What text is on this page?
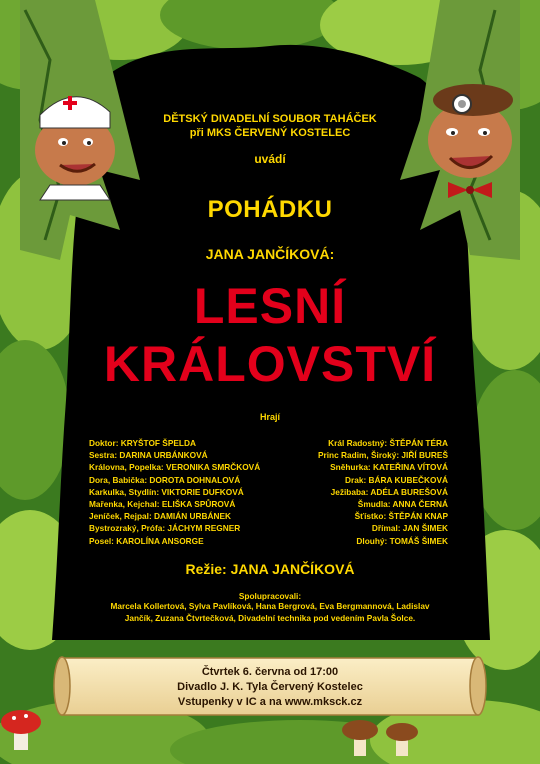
DĚTSKÝ DIVADELNÍ SOUBOR TAHÁČEK
při MKS ČERVENÝ KOSTELEC
uvádí
POHÁDKU
JANA JANČÍKOVÁ:
LESNÍ
KRÁLOVSTVÍ
Hrají
Doktor: KRYŠTOF ŠPELDA
Sestra: DARINA URBÁNKOVÁ
Královna, Popelka: VERONIKA SMRČKOVÁ
Dora, Babička: DOROTA DOHNALOVÁ
Karkulka, Stydlín: VIKTORIE DUFKOVÁ
Mařenka, Kejchal: ELIŠKA SPŮROVÁ
Jeníček, Rejpal: DAMIÁN URBÁNEK
Bystrozraký, Prófa: JÁCHYM REGNER
Posel: KAROLÍNA ANSORGE
Král Radostný: ŠTĚPÁN TÉRA
Princ Radim, Široký: JIŘÍ BUREŠ
Sněhurka: KATEŘINA VÍTOVÁ
Drak: BÁRA KUBEČKOVÁ
Ježibaba: ADÉLA BUREŠOVÁ
Šmudla: ANNA ČERNÁ
Šťístko: ŠTĚPÁN KNAP
Dřímal: JAN ŠIMEK
Dlouhý: TOMÁŠ ŠIMEK
Režie: JANA JANČÍKOVÁ
Spolupracovali:
Marcela Kollertová, Sylva Pavlíková, Hana Bergrová, Eva Bergmannová, Ladislav
Jančík, Zuzana Čtvrtečková, Divadelní technika pod vedením Pavla Šolce.
Čtvrtek 6. června od 17:00
Divadlo J. K. Tyla Červený Kostelec
Vstupenky v IC a na www.mksck.cz
